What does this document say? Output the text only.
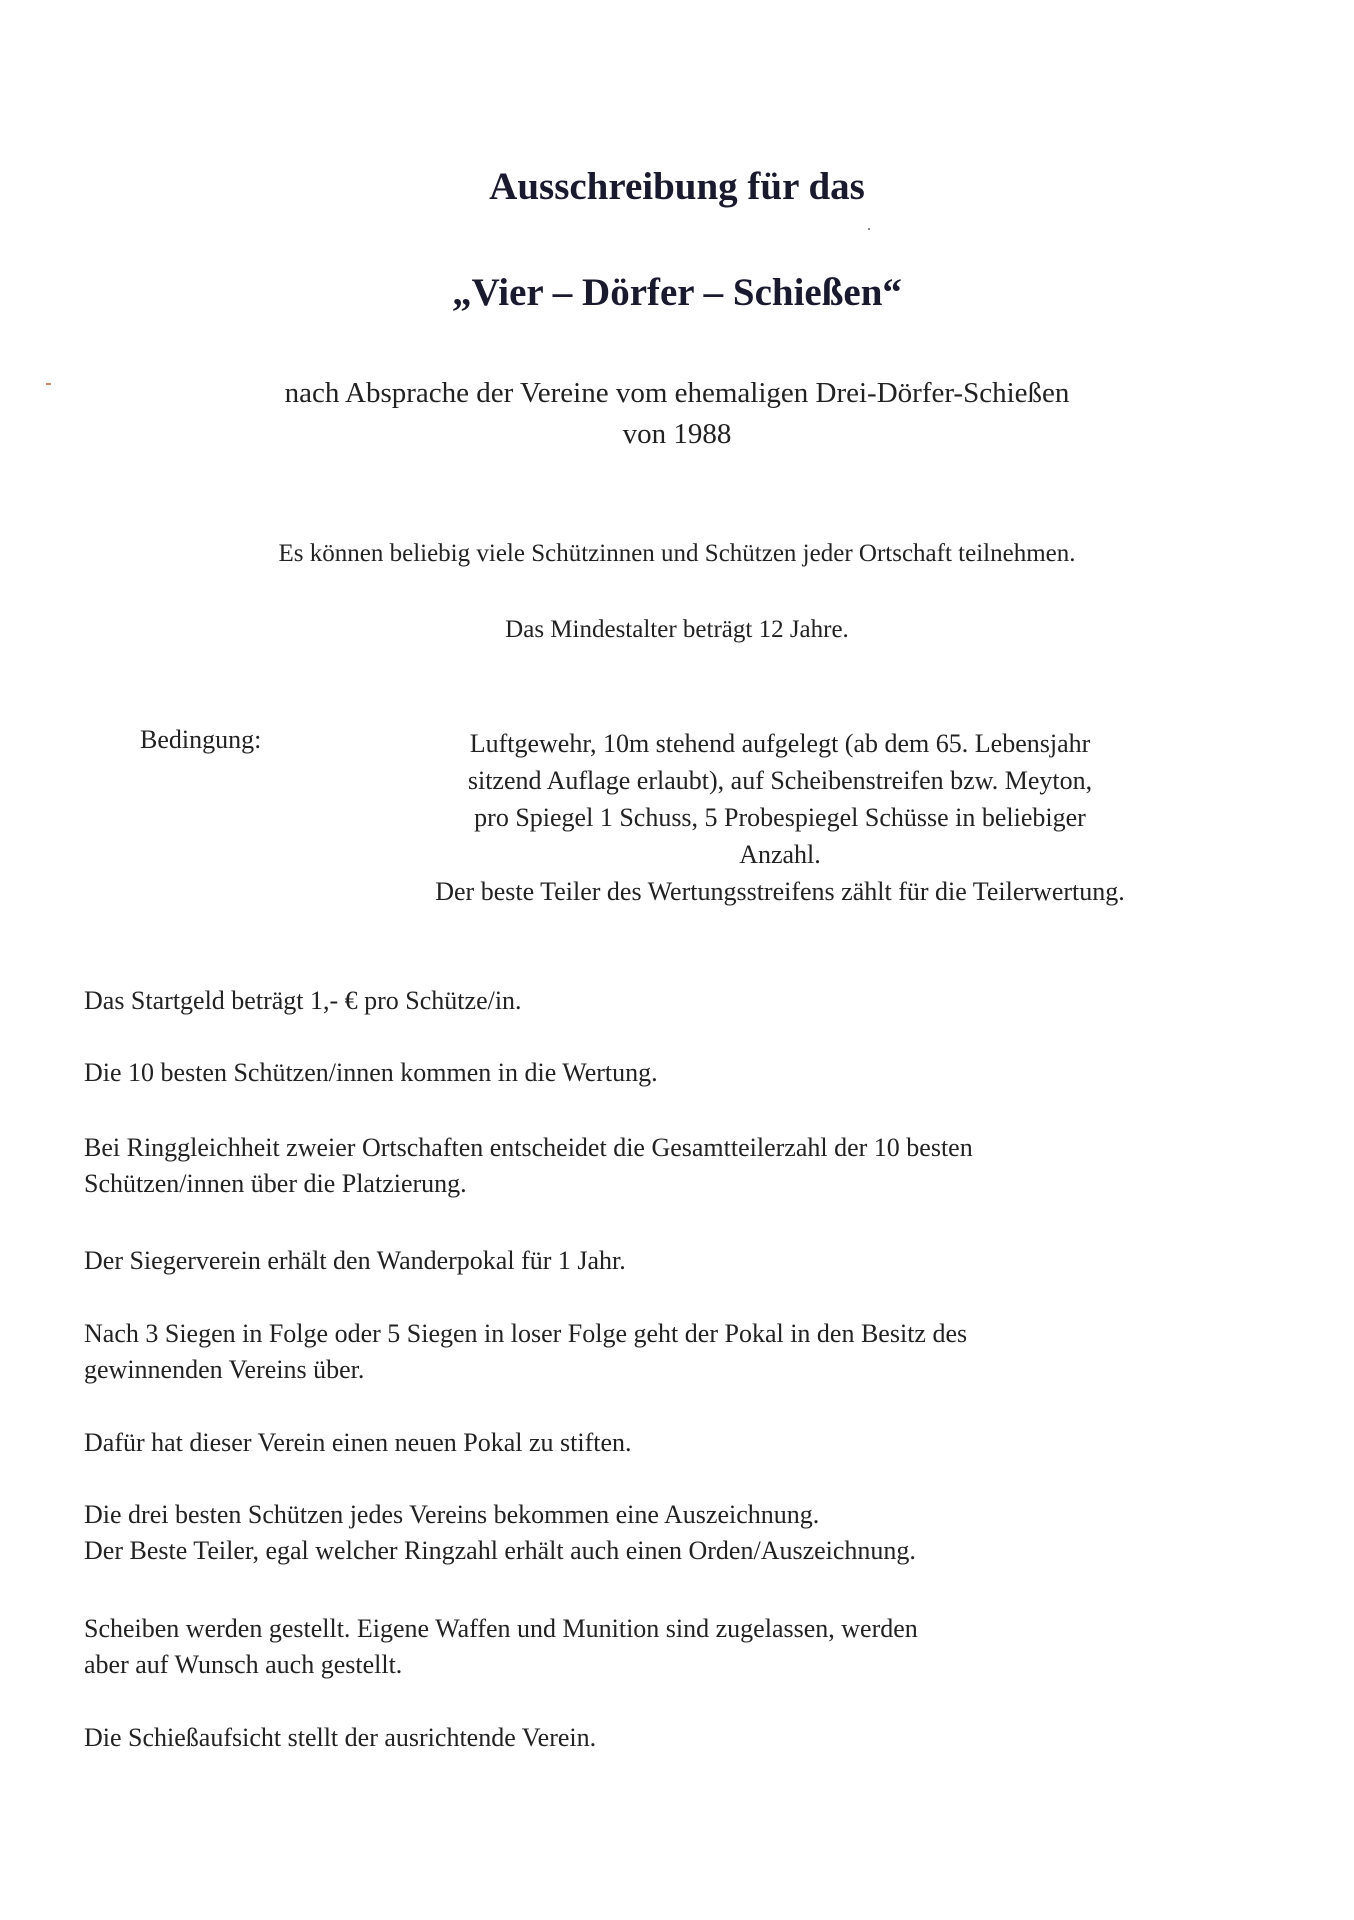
Ausschreibung für das
„Vier – Dörfer – Schießen“
nach Absprache der Vereine vom ehemaligen Drei-Dörfer-Schießen
von 1988
Es können beliebig viele Schützinnen und Schützen jeder Ortschaft teilnehmen.
Das Mindestalter beträgt 12 Jahre.
Bedingung:	Luftgewehr, 10m stehend aufgelegt (ab dem 65. Lebensjahr
sitzend Auflage erlaubt), auf Scheibenstreifen bzw. Meyton,
pro Spiegel 1 Schuss, 5 Probespiegel Schüsse in beliebiger
Anzahl.
Der beste Teiler des Wertungsstreifens zählt für die Teilerwertung.
Das Startgeld beträgt 1,- € pro Schütze/in.
Die 10 besten Schützen/innen kommen in die Wertung.
Bei Ringgleichheit zweier Ortschaften entscheidet die Gesamtteilerzahl der 10 besten
Schützen/innen über die Platzierung.
Der Siegerverein erhält den Wanderpokal für 1 Jahr.
Nach 3 Siegen in Folge oder 5 Siegen in loser Folge geht der Pokal in den Besitz des
gewinnenden Vereins über.
Dafür hat dieser Verein einen neuen Pokal zu stiften.
Die drei besten Schützen jedes Vereins bekommen eine Auszeichnung.
Der Beste Teiler, egal welcher Ringzahl erhält auch einen Orden/Auszeichnung.
Scheiben werden gestellt. Eigene Waffen und Munition sind zugelassen, werden
aber auf Wunsch auch gestellt.
Die Schießaufsicht stellt der ausrichtende Verein.
